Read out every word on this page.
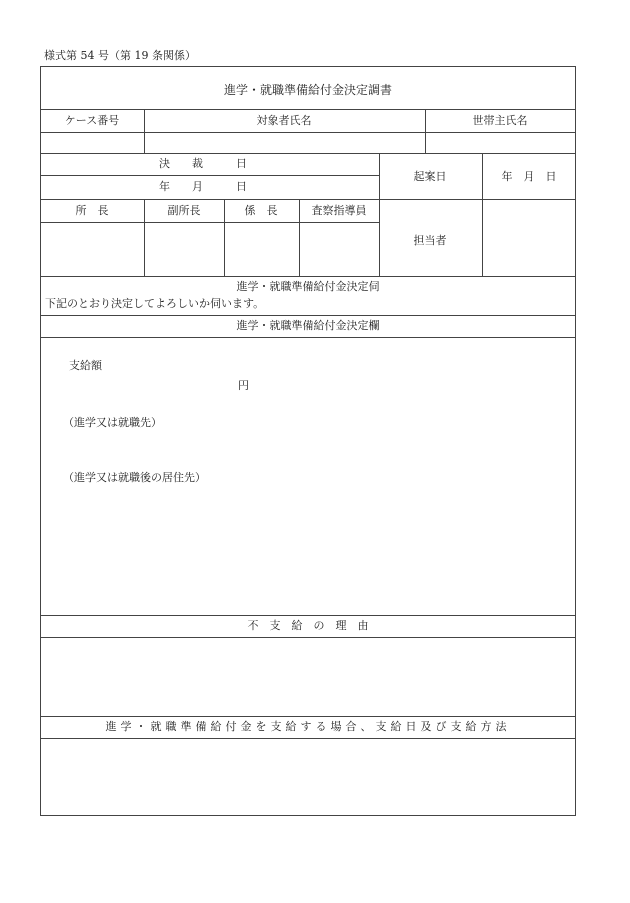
様式第 54 号（第 19 条関係）
進学・就職準備給付金決定調書
ケース番号	対象者氏名	世帯主氏名
決　　裁　　　日
年　　月　　　日
起案日	年　月　日
所　長	副所長	係　長	査察指導員
担当者
進学・就職準備給付金決定伺
下記のとおり決定してよろしいか伺います。
進学・就職準備給付金決定欄
支給額
円
（進学又は就職先）
（進学又は就職後の居住先）
不　支　給　の　理　由
進学・就職準備給付金を支給する場合、支給日及び支給方法
